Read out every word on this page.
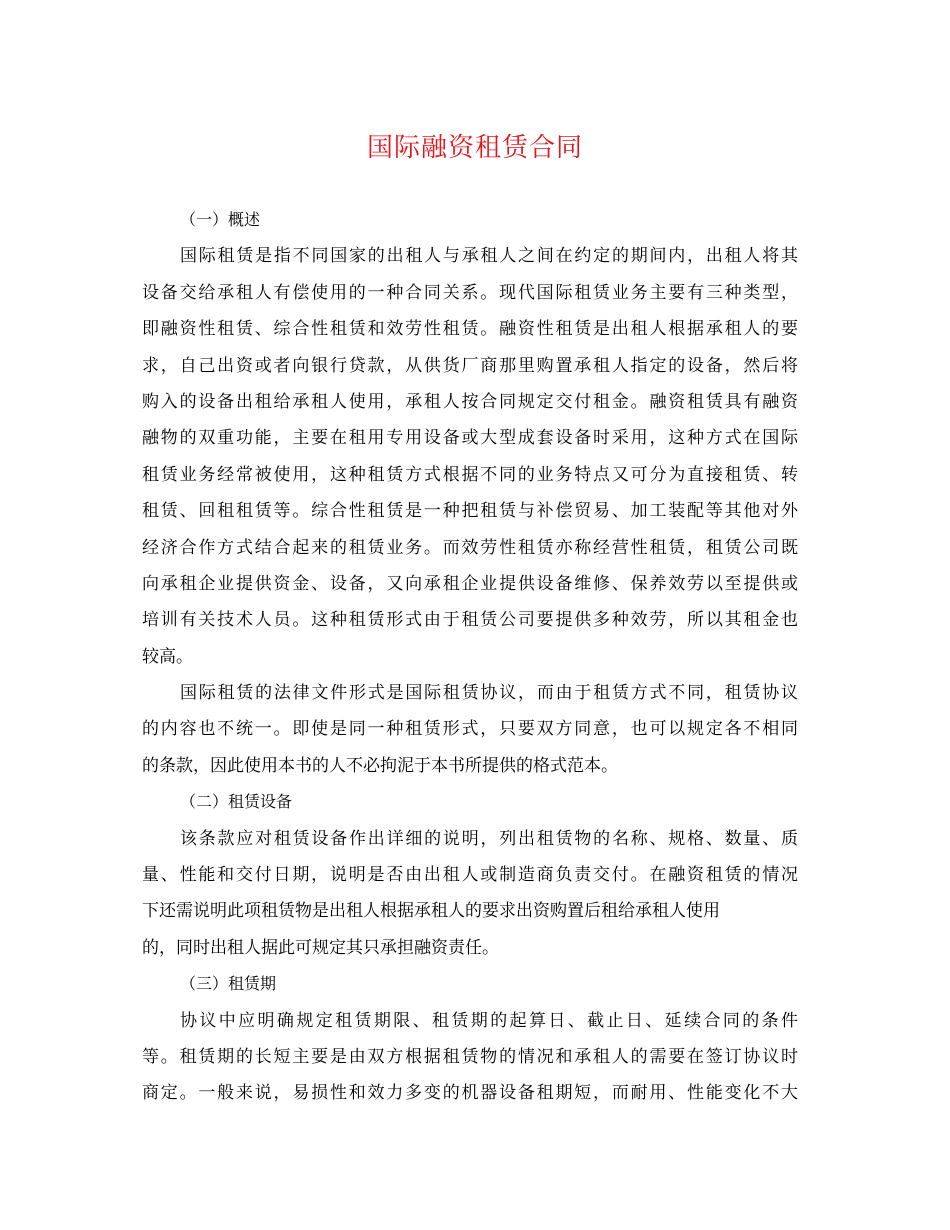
国际融资租赁合同
（一）概述
国际租赁是指不同国家的出租人与承租人之间在约定的期间内，出租人将其
设备交给承租人有偿使用的一种合同关系。现代国际租赁业务主要有三种类型，
即融资性租赁、综合性租赁和效劳性租赁。融资性租赁是出租人根据承租人的要
求，自己出资或者向银行贷款，从供货厂商那里购置承租人指定的设备，然后将
购入的设备出租给承租人使用，承租人按合同规定交付租金。融资租赁具有融资
融物的双重功能，主要在租用专用设备或大型成套设备时采用，这种方式在国际
租赁业务经常被使用，这种租赁方式根据不同的业务特点又可分为直接租赁、转
租赁、回租租赁等。综合性租赁是一种把租赁与补偿贸易、加工装配等其他对外
经济合作方式结合起来的租赁业务。而效劳性租赁亦称经营性租赁，租赁公司既
向承租企业提供资金、设备，又向承租企业提供设备维修、保养效劳以至提供或
培训有关技术人员。这种租赁形式由于租赁公司要提供多种效劳，所以其租金也
较高。
国际租赁的法律文件形式是国际租赁协议，而由于租赁方式不同，租赁协议
的内容也不统一。即使是同一种租赁形式，只要双方同意，也可以规定各不相同
的条款，因此使用本书的人不必拘泥于本书所提供的格式范本。
（二）租赁设备
该条款应对租赁设备作出详细的说明，列出租赁物的名称、规格、数量、质
量、性能和交付日期，说明是否由出租人或制造商负责交付。在融资租赁的情况
下还需说明此项租赁物是出租人根据承租人的要求出资购置后租给承租人使用
的，同时出租人据此可规定其只承担融资责任。
（三）租赁期
协议中应明确规定租赁期限、租赁期的起算日、截止日、延续合同的条件
等。租赁期的长短主要是由双方根据租赁物的情况和承租人的需要在签订协议时
商定。一般来说，易损性和效力多变的机器设备租期短，而耐用、性能变化不大
